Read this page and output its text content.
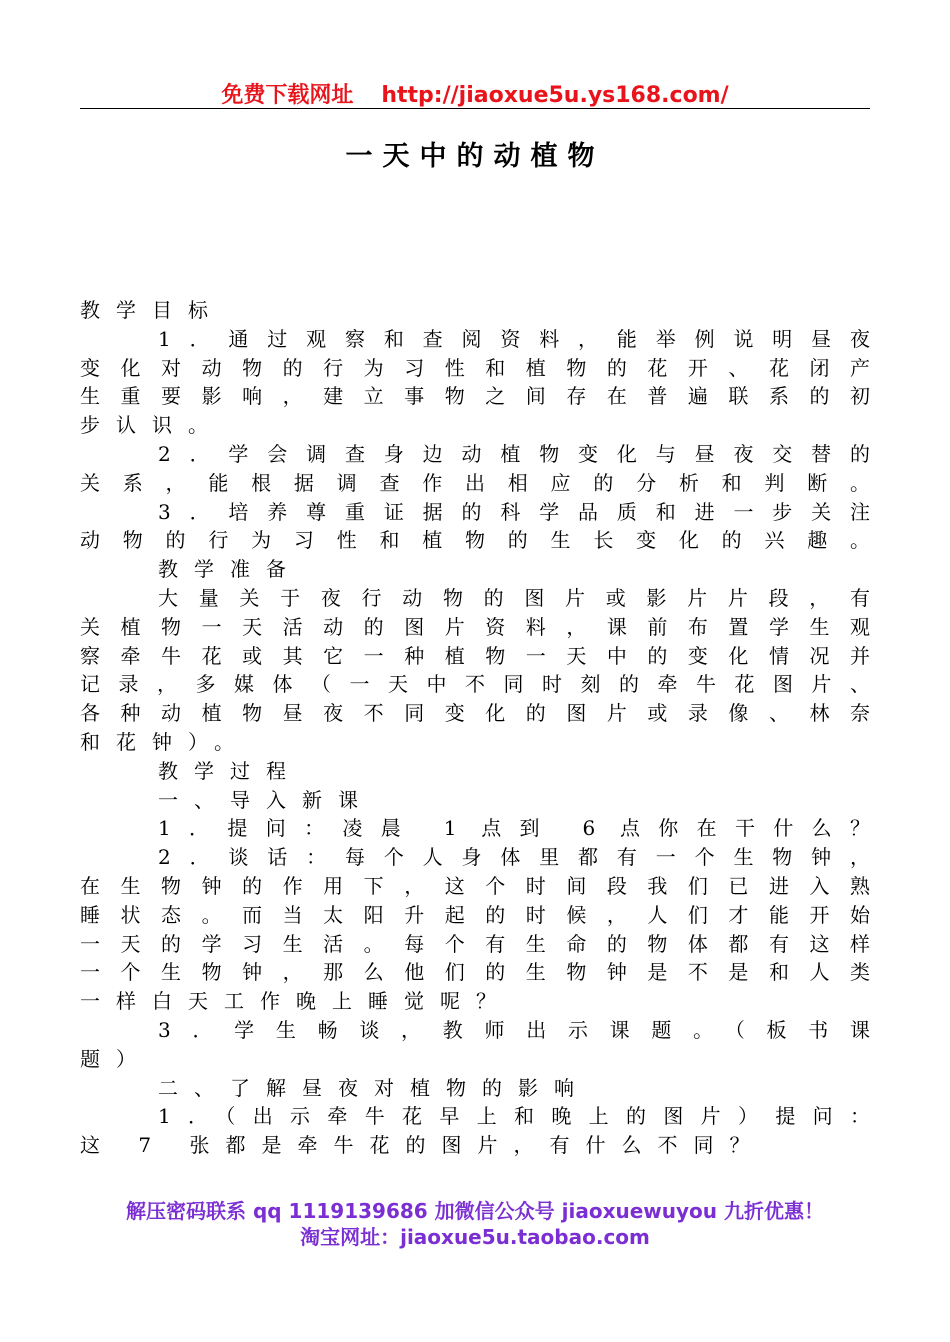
免费下载网址 http://jiaoxue5u.ys168.com/
一天中的动植物
教学目标
1．通过观察和查阅资料，能举例说明昼夜
变化对动物的行为习性和植物的花开、花闭产
生重要影响，建立事物之间存在普遍联系的初
步认识。
2．学会调查身边动植物变化与昼夜交替的
关系，能根据调查作出相应的分析和判断。
3．培养尊重证据的科学品质和进一步关注
动物的行为习性和植物的生长变化的兴趣。
教学准备
大量关于夜行动物的图片或影片片段，有
关植物一天活动的图片资料，课前布置学生观
察牵牛花或其它一种植物一天中的变化情况并
记录，多媒体（一天中不同时刻的牵牛花图片、
各种动植物昼夜不同变化的图片或录像、林奈
和花钟）。
教学过程
一、导入新课
1．提问：凌晨 1 点到 6 点你在干什么？
2．谈话：每个人身体里都有一个生物钟，
在生物钟的作用下，这个时间段我们已进入熟
睡状态。而当太阳升起的时候，人们才能开始
一天的学习生活。每个有生命的物体都有这样
一个生物钟，那么他们的生物钟是不是和人类
一样白天工作晚上睡觉呢？
3．学生畅谈，教师出示课题。（板书课
题）
二、了解昼夜对植物的影响
1．（出示牵牛花早上和晚上的图片）提问：
这 7 张都是牵牛花的图片，有什么不同？
解压密码联系 qq 1119139686 加微信公众号 jiaoxuewuyou 九折优惠！
淘宝网址：jiaoxue5u.taobao.com
